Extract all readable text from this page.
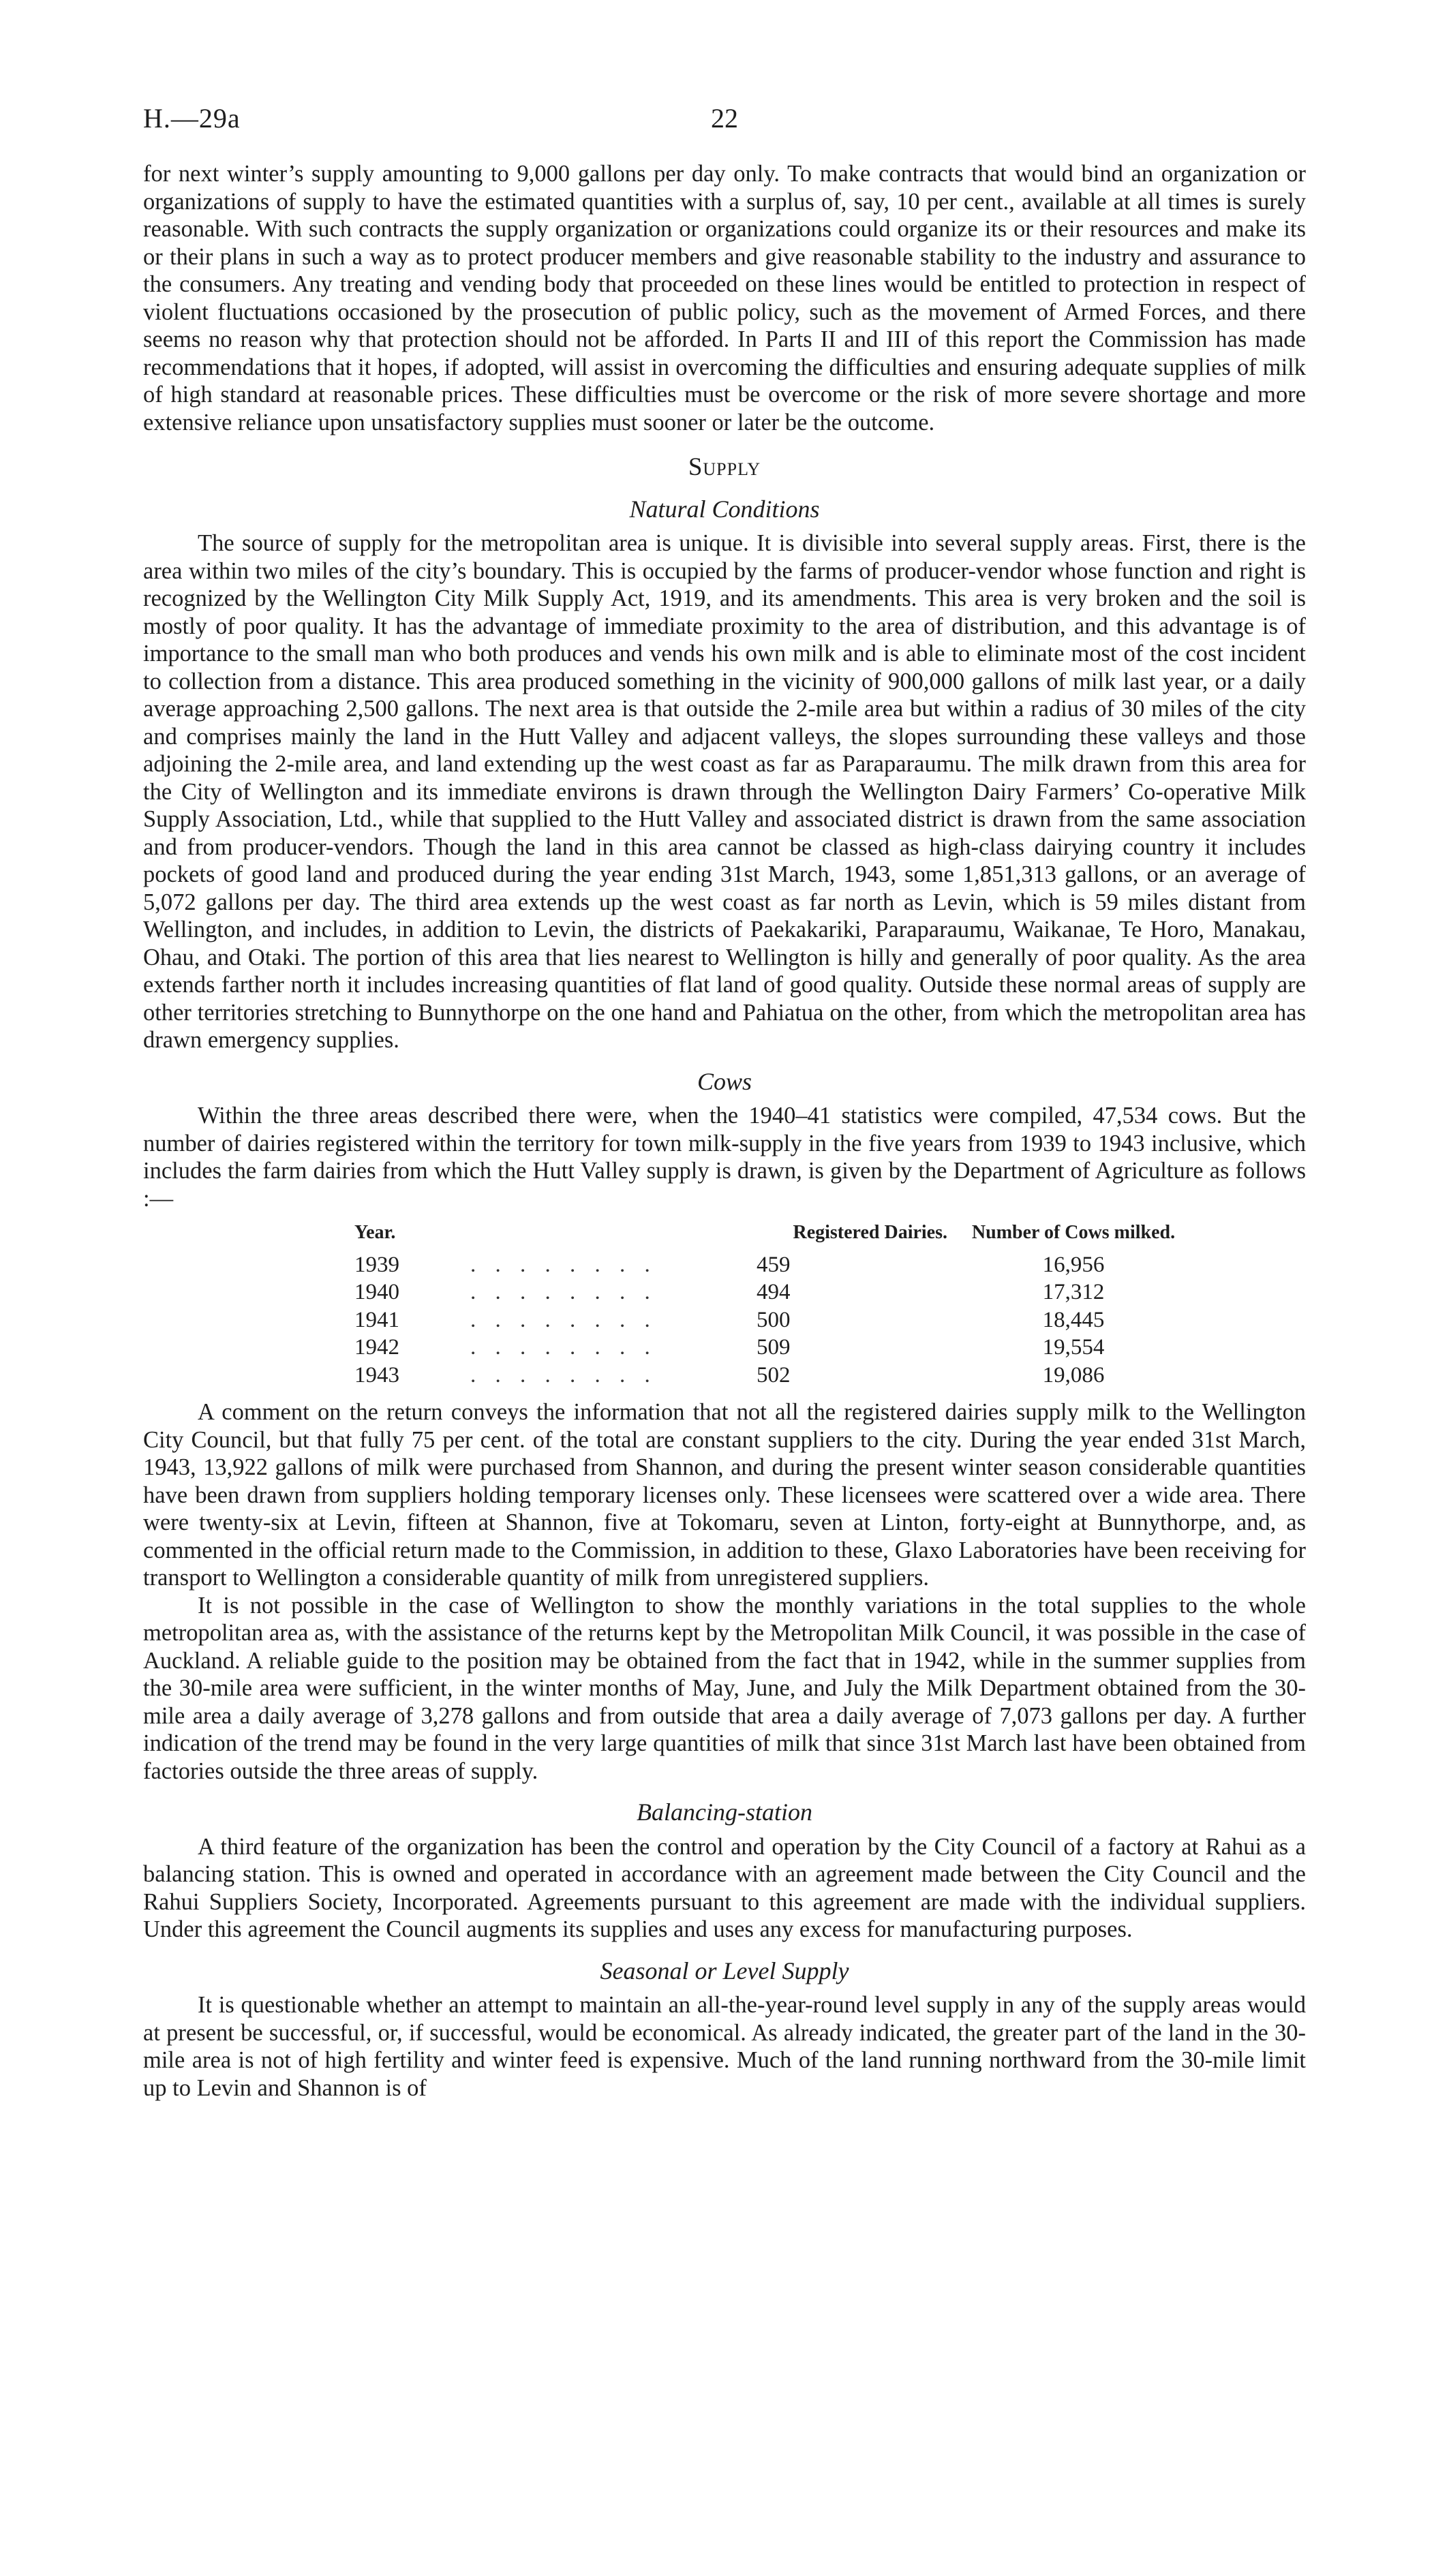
H.—29a	22

for next winter’s supply amounting to 9,000 gallons per day only. To make contracts that would bind an organization or organizations of supply to have the estimated quantities with a surplus of, say, 10 per cent., available at all times is surely reasonable. With such contracts the supply organization or organizations could organize its or their resources and make its or their plans in such a way as to protect producer members and give reasonable stability to the industry and assurance to the consumers. Any treating and vending body that proceeded on these lines would be entitled to protection in respect of violent fluctuations occasioned by the prosecution of public policy, such as the movement of Armed Forces, and there seems no reason why that protection should not be afforded. In Parts II and III of this report the Commission has made recommendations that it hopes, if adopted, will assist in overcoming the difficulties and ensuring adequate supplies of milk of high standard at reasonable prices. These difficulties must be overcome or the risk of more severe shortage and more extensive reliance upon unsatisfactory supplies must sooner or later be the outcome.

Supply
Natural Conditions

The source of supply for the metropolitan area is unique. It is divisible into several supply areas. First, there is the area within two miles of the city’s boundary. This is occupied by the farms of producer-vendor whose function and right is recognized by the Wellington City Milk Supply Act, 1919, and its amendments. This area is very broken and the soil is mostly of poor quality. It has the advantage of immediate proximity to the area of distribution, and this advantage is of importance to the small man who both produces and vends his own milk and is able to eliminate most of the cost incident to collection from a distance. This area produced something in the vicinity of 900,000 gallons of milk last year, or a daily average approaching 2,500 gallons. The next area is that outside the 2-mile area but within a radius of 30 miles of the city and comprises mainly the land in the Hutt Valley and adjacent valleys, the slopes surrounding these valleys and those adjoining the 2-mile area, and land extending up the west coast as far as Paraparaumu. The milk drawn from this area for the City of Wellington and its immediate environs is drawn through the Wellington Dairy Farmers’ Co-operative Milk Supply Association, Ltd., while that supplied to the Hutt Valley and associated district is drawn from the same association and from producer-vendors. Though the land in this area cannot be classed as high-class dairying country it includes pockets of good land and produced during the year ending 31st March, 1943, some 1,851,313 gallons, or an average of 5,072 gallons per day. The third area extends up the west coast as far north as Levin, which is 59 miles distant from Wellington, and includes, in addition to Levin, the districts of Paekakariki, Paraparaumu, Waikanae, Te Horo, Manakau, Ohau, and Otaki. The portion of this area that lies nearest to Wellington is hilly and generally of poor quality. As the area extends farther north it includes increasing quantities of flat land of good quality. Outside these normal areas of supply are other territories stretching to Bunnythorpe on the one hand and Pahiatua on the other, from which the metropolitan area has drawn emergency supplies.

Cows

Within the three areas described there were, when the 1940–41 statistics were compiled, 47,534 cows. But the number of dairies registered within the territory for town milk-supply in the five years from 1939 to 1943 inclusive, which includes the farm dairies from which the Hutt Valley supply is drawn, is given by the Department of Agriculture as follows :—

Year.	Registered Dairies.	Number of Cows milked.

1939 . . . . . . . .	459	16,956

1940 . . . . . . . .	494	17,312

1941 . . . . . . . .	500	18,445

1942 . . . . . . . .	509	19,554

1943 . . . . . . . .	502	19,086

A comment on the return conveys the information that not all the registered dairies supply milk to the Wellington City Council, but that fully 75 per cent. of the total are constant suppliers to the city. During the year ended 31st March, 1943, 13,922 gallons of milk were purchased from Shannon, and during the present winter season considerable quantities have been drawn from suppliers holding temporary licenses only. These licensees were scattered over a wide area. There were twenty-six at Levin, fifteen at Shannon, five at Tokomaru, seven at Linton, forty-eight at Bunnythorpe, and, as commented in the official return made to the Commission, in addition to these, Glaxo Laboratories have been receiving for transport to Wellington a considerable quantity of milk from unregistered suppliers.

It is not possible in the case of Wellington to show the monthly variations in the total supplies to the whole metropolitan area as, with the assistance of the returns kept by the Metropolitan Milk Council, it was possible in the case of Auckland. A reliable guide to the position may be obtained from the fact that in 1942, while in the summer supplies from the 30-mile area were sufficient, in the winter months of May, June, and July the Milk Department obtained from the 30-mile area a daily average of 3,278 gallons and from outside that area a daily average of 7,073 gallons per day. A further indication of the trend may be found in the very large quantities of milk that since 31st March last have been obtained from factories outside the three areas of supply.

Balancing-station

A third feature of the organization has been the control and operation by the City Council of a factory at Rahui as a balancing station. This is owned and operated in accordance with an agreement made between the City Council and the Rahui Suppliers Society, Incorporated. Agreements pursuant to this agreement are made with the individual suppliers. Under this agreement the Council augments its supplies and uses any excess for manufacturing purposes.

Seasonal or Level Supply

It is questionable whether an attempt to maintain an all-the-year-round level supply in any of the supply areas would at present be successful, or, if successful, would be economical. As already indicated, the greater part of the land in the 30-mile area is not of high fertility and winter feed is expensive. Much of the land running northward from the 30-mile limit up to Levin and Shannon is of
